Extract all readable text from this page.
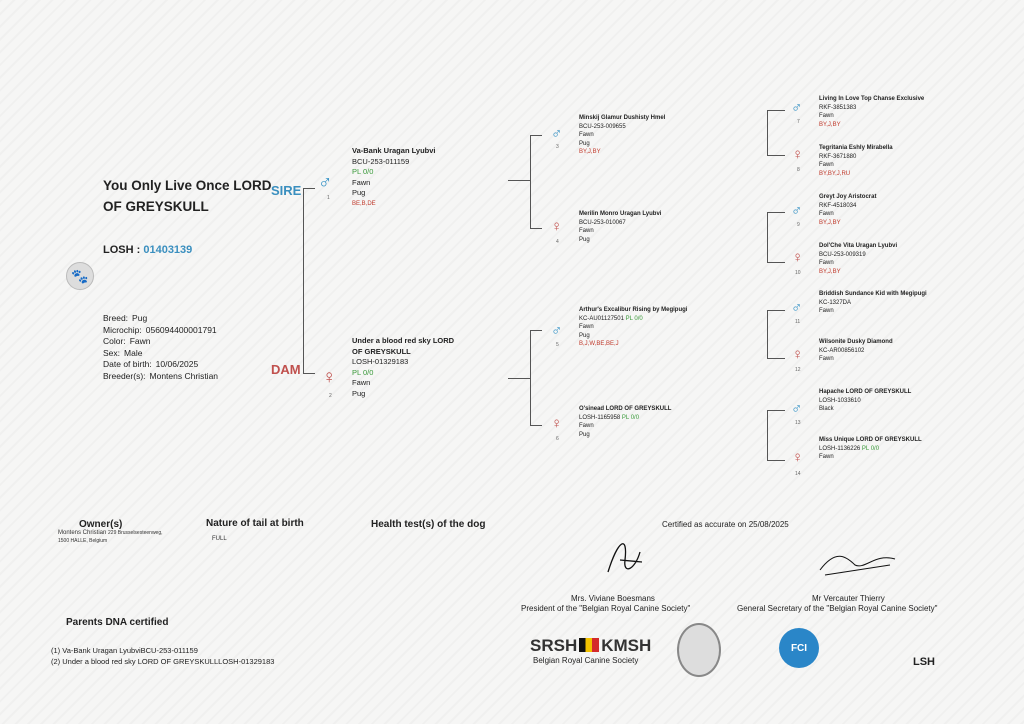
🐾
You Only Live Once LORD OF GREYSKULL
LOSH : 01403139
Breed: Pug
Microchip: 056094400001791
Color: Fawn
Sex: Male
Date of birth: 10/06/2025
Breeder(s): Montens Christian
SIRE ♂
1
Va-Bank Uragan Lyubvi
BCU-253-011159
PL 0/0
Fawn
Pug
BE,B,DE
DAM ♀
2
Under a blood red sky LORD OF GREYSKULL
LOSH-01329183
PL 0/0
Fawn
Pug
♂
3
Minskij Glamur Dushisty Hmel
BCU-253-009655
Fawn
Pug
BY,J,BY
♀
4
Merilin Monro Uragan Lyubvi
BCU-253-010067
Fawn
Pug
♂
5
Arthur's Excalibur Rising by Megipugi
KC-AU01127501 PL 0/0
Fawn
Pug
B,J,W,BE,BE,J
♀
6
O'sinead LORD OF GREYSKULL
LOSH-1165958 PL 0/0
Fawn
Pug
♂
7
Living In Love Top Chanse Exclusive
RKF-3851383
Fawn
BY,J,BY
♀
8
Tegritania Eshly Mirabella
RKF-3671880
Fawn
BY,BY,J,RU
♂
9
Greyt Joy Aristocrat
RKF-4518034
Fawn
BY,J,BY
♀
10
Dol'Che Vita Uragan Lyubvi
BCU-253-009319
Fawn
BY,J,BY
♂
11
Briddish Sundance Kid with Megipugi
KC-1327DA
Fawn
♀
12
Wilsonite Dusky Diamond
KC-AR00856102
Fawn
♂
13
Hapache LORD OF GREYSKULL
LOSH-1033610
Black
♀
14
Miss Unique LORD OF GREYSKULL
LOSH-1136226 PL 0/0
Fawn
Owner(s)
Montens Christian 229 Brusselsesteenweg,
1500 HALLE, Belgium
Nature of tail at birth
FULL
Health test(s) of the dog	Certified as accurate on 25/08/2025
Mrs. Viviane Boesmans
President of the "Belgian Royal Canine Society"
Mr Vercauter Thierry
General Secretary of the "Belgian Royal Canine Society"
Parents DNA certified
(1) Va-Bank Uragan LyubviBCU-253-011159
(2) Under a blood red sky LORD OF GREYSKULLLOSH-01329183
SRSH KMSH
Belgian Royal Canine Society
FCI
LSH
